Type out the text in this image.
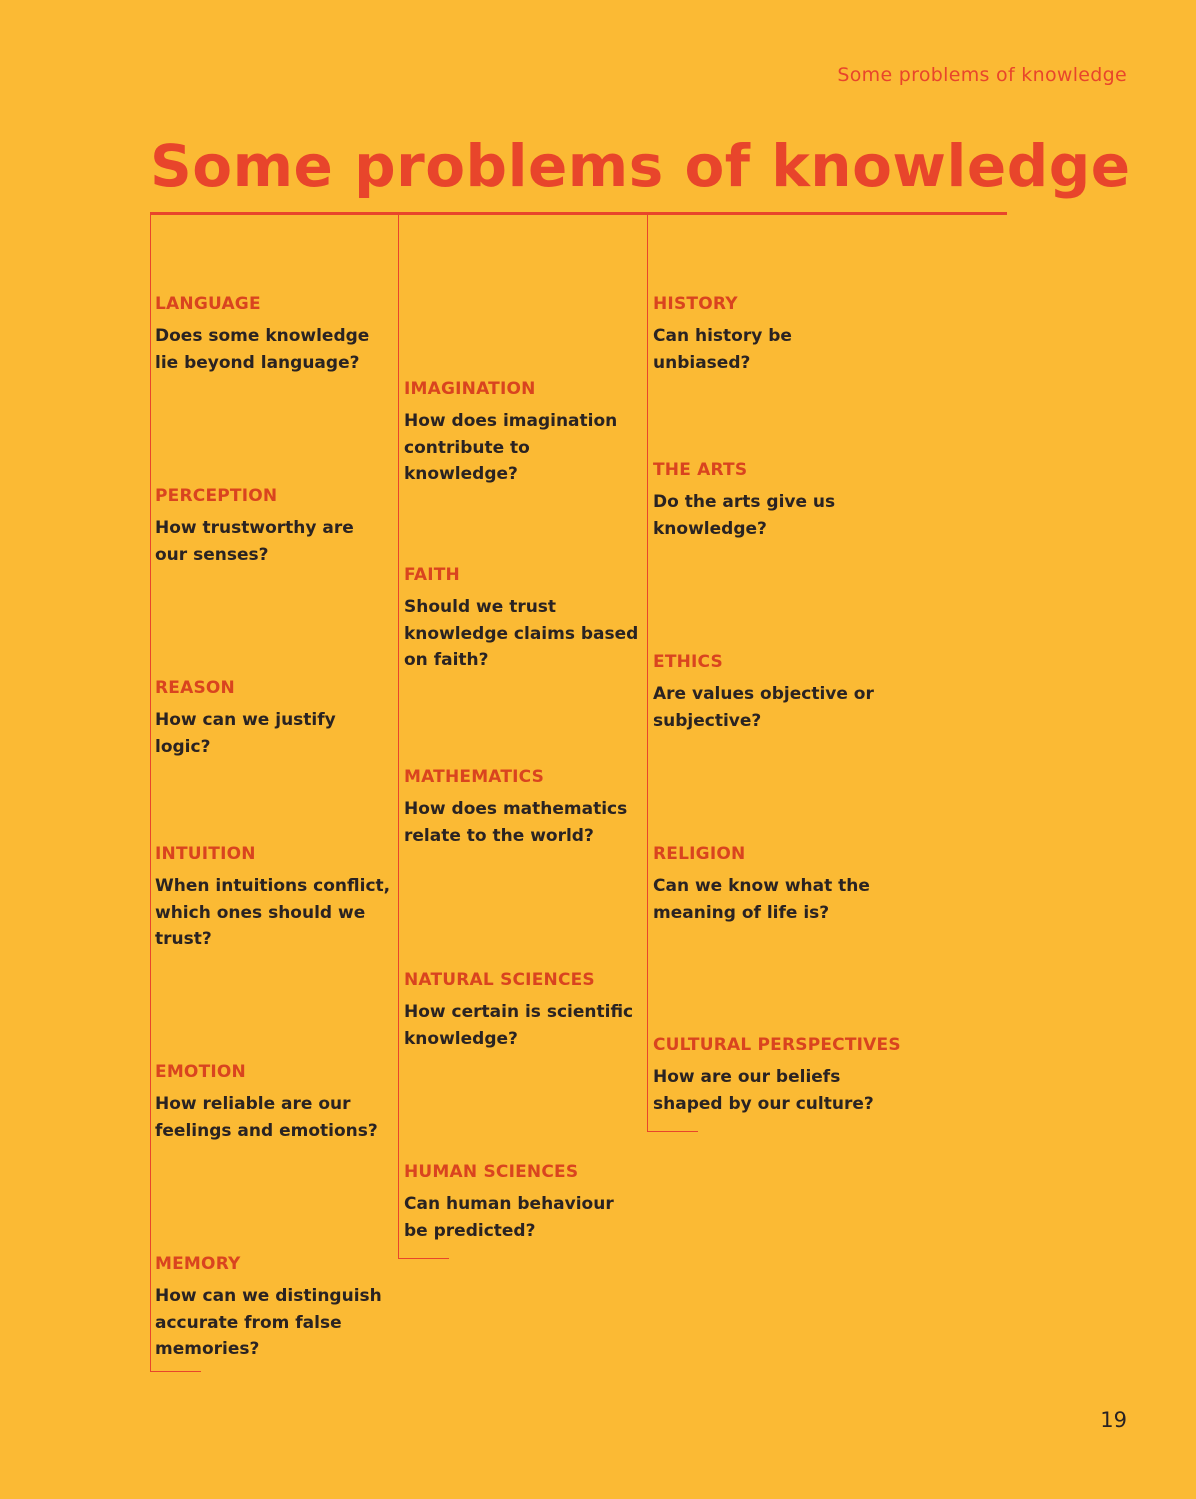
Some problems of knowledge
Some problems of knowledge

LANGUAGE

Does some knowledge lie beyond language?

PERCEPTION

How trustworthy are our senses?

REASON

How can we justify logic?

INTUITION

When intuitions conflict, which ones should we trust?

EMOTION

How reliable are our feelings and emotions?

MEMORY

How can we distinguish accurate from false memories?

IMAGINATION

How does imagination contribute to knowledge?

FAITH

Should we trust knowledge claims based on faith?

MATHEMATICS

How does mathematics relate to the world?

NATURAL SCIENCES

How certain is scientific knowledge?

HUMAN SCIENCES

Can human behaviour be predicted?

HISTORY

Can history be unbiased?

THE ARTS

Do the arts give us knowledge?

ETHICS

Are values objective or subjective?

RELIGION

Can we know what the meaning of life is?

CULTURAL PERSPECTIVES

How are our beliefs shaped by our culture?

19
